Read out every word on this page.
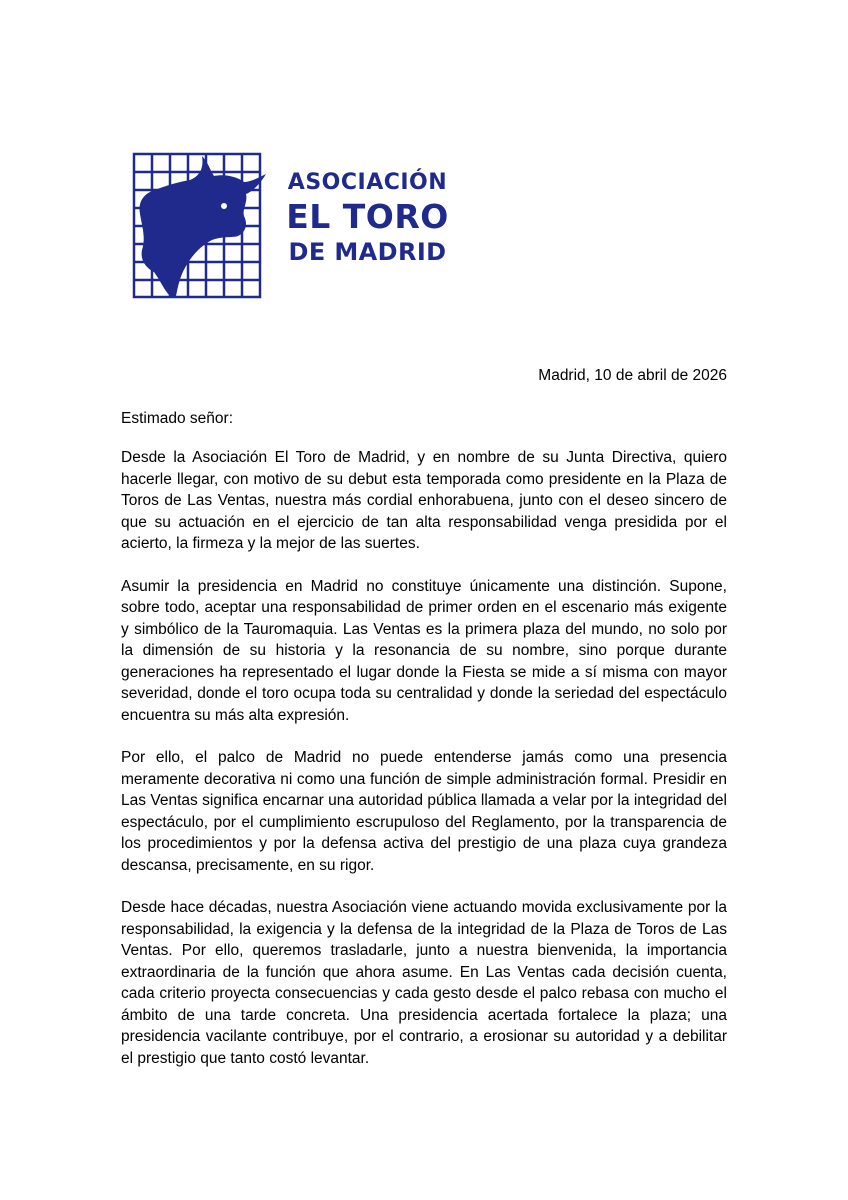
ASOCIACIÓN
EL TORO
DE MADRID
Madrid, 10 de abril de 2026
Estimado señor:

Desde la Asociación El Toro de Madrid, y en nombre de su Junta Directiva, quiero hacerle llegar, con motivo de su debut esta temporada como presidente en la Plaza de Toros de Las Ventas, nuestra más cordial enhorabuena, junto con el deseo sincero de que su actuación en el ejercicio de tan alta responsabilidad venga presidida por el acierto, la firmeza y la mejor de las suertes.

Asumir la presidencia en Madrid no constituye únicamente una distinción. Supone, sobre todo, aceptar una responsabilidad de primer orden en el escenario más exigente y simbólico de la Tauromaquia. Las Ventas es la primera plaza del mundo, no solo por la dimensión de su historia y la resonancia de su nombre, sino porque durante generaciones ha representado el lugar donde la Fiesta se mide a sí misma con mayor severidad, donde el toro ocupa toda su centralidad y donde la seriedad del espectáculo encuentra su más alta expresión.

Por ello, el palco de Madrid no puede entenderse jamás como una presencia meramente decorativa ni como una función de simple administración formal. Presidir en Las Ventas significa encarnar una autoridad pública llamada a velar por la integridad del espectáculo, por el cumplimiento escrupuloso del Reglamento, por la transparencia de los procedimientos y por la defensa activa del prestigio de una plaza cuya grandeza descansa, precisamente, en su rigor.

Desde hace décadas, nuestra Asociación viene actuando movida exclusivamente por la responsabilidad, la exigencia y la defensa de la integridad de la Plaza de Toros de Las Ventas. Por ello, queremos trasladarle, junto a nuestra bienvenida, la importancia extraordinaria de la función que ahora asume. En Las Ventas cada decisión cuenta, cada criterio proyecta consecuencias y cada gesto desde el palco rebasa con mucho el ámbito de una tarde concreta. Una presidencia acertada fortalece la plaza; una presidencia vacilante contribuye, por el contrario, a erosionar su autoridad y a debilitar el prestigio que tanto costó levantar.
